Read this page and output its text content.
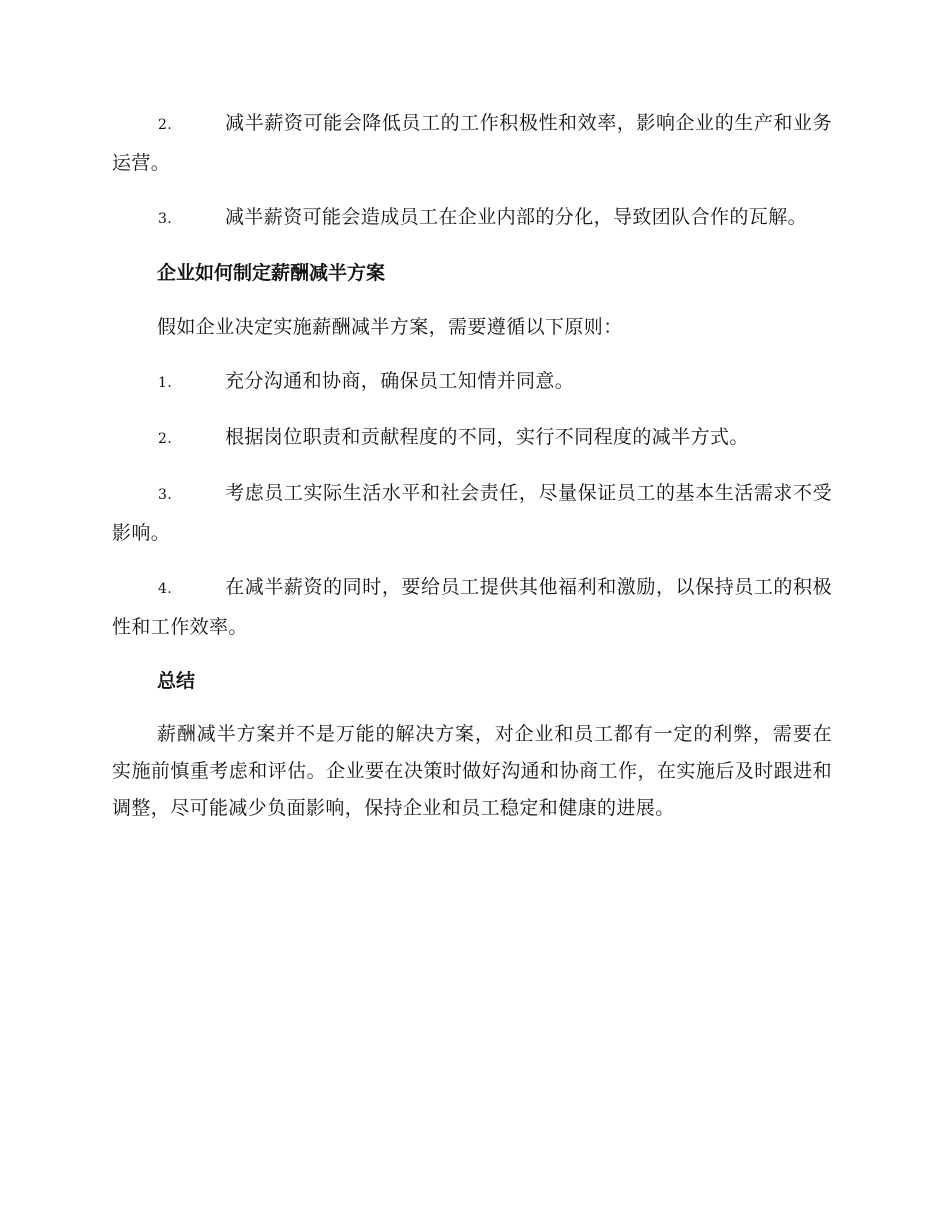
2.	减半薪资可能会降低员工的工作积极性和效率，影响企业的生产和业务运营。

3.	减半薪资可能会造成员工在企业内部的分化，导致团队合作的瓦解。

企业如何制定薪酬减半方案

假如企业决定实施薪酬减半方案，需要遵循以下原则：

1.	充分沟通和协商，确保员工知情并同意。

2.	根据岗位职责和贡献程度的不同，实行不同程度的减半方式。

3.	考虑员工实际生活水平和社会责任，尽量保证员工的基本生活需求不受影响。

4.	在减半薪资的同时，要给员工提供其他福利和激励，以保持员工的积极性和工作效率。

总结

薪酬减半方案并不是万能的解决方案，对企业和员工都有一定的利弊，需要在实施前慎重考虑和评估。企业要在决策时做好沟通和协商工作，在实施后及时跟进和调整，尽可能减少负面影响，保持企业和员工稳定和健康的进展。
